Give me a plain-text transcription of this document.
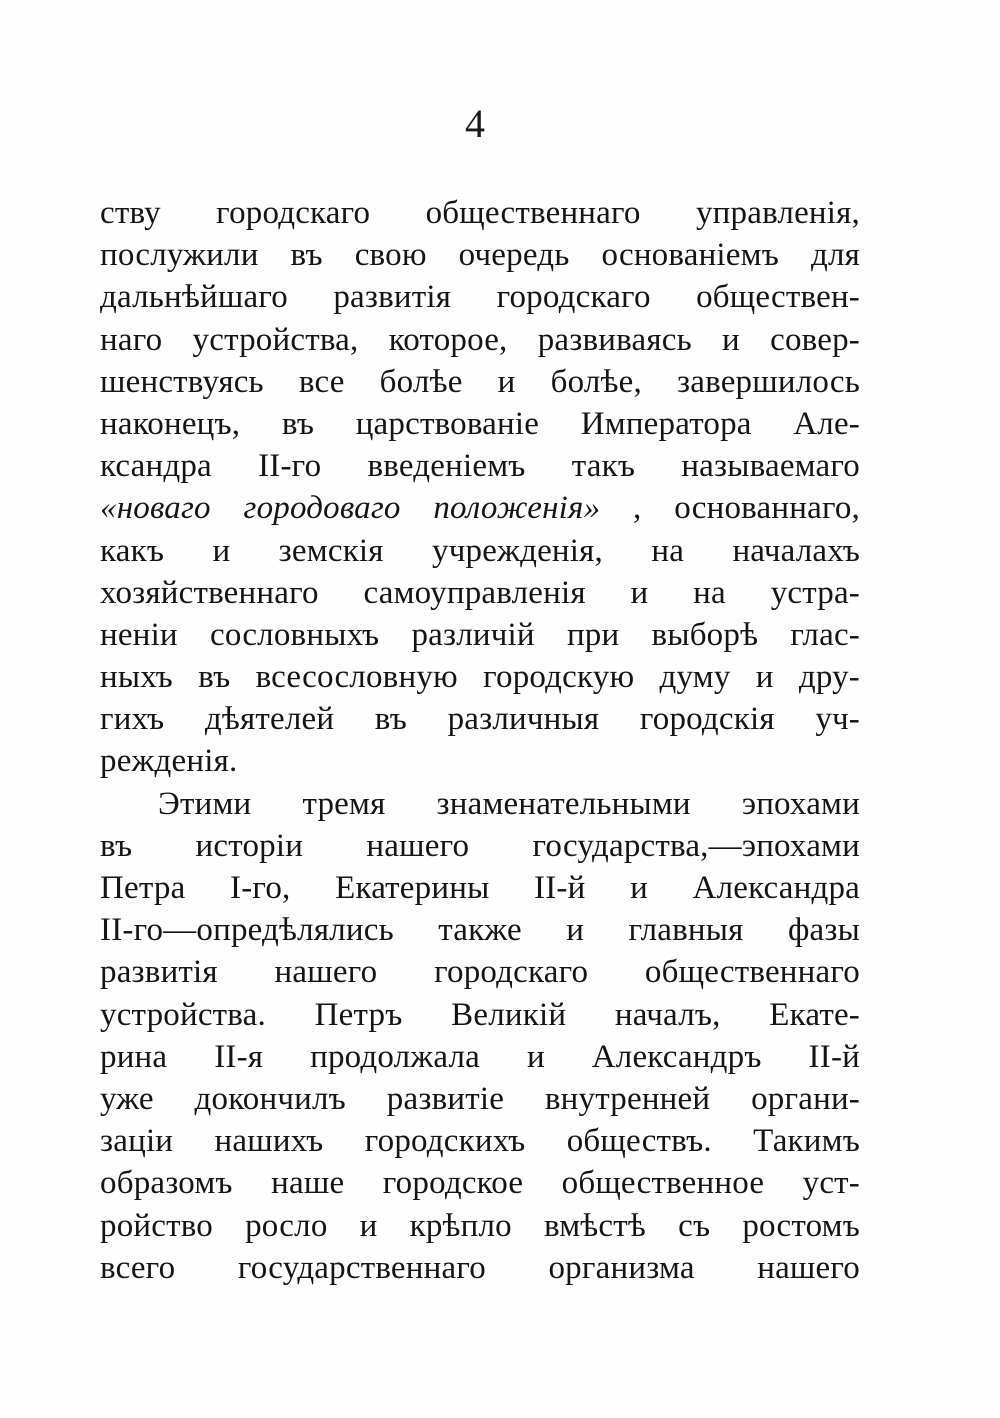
4
ству городскаго общественнаго управленія,
послужили въ свою очередь основаніемъ для
дальнѣйшаго развитія городскаго обществен-
наго устройства, которое, развиваясь и совер-
шенствуясь все болѣе и болѣе, завершилось
наконецъ, въ царствованіе Императора Але-
ксандра II-го введеніемъ такъ называемаго
«новаго городоваго положенія» , основаннаго,
какъ и земскія учрежденія, на началахъ
хозяйственнаго самоуправленія и на устра-
неніи сословныхъ различій при выборѣ глас-
ныхъ въ всесословную городскую думу и дру-
гихъ дѣятелей въ различныя городскія уч-
режденія.
Этими тремя знаменательными эпохами
въ исторіи нашего государства,—эпохами
Петра I-го, Екатерины II-й и Александра
II-го—опредѣлялись также и главныя фазы
развитія нашего городскаго общественнаго
устройства. Петръ Великій началъ, Екате-
рина II-я продолжала и Александръ II-й
уже докончилъ развитіе внутренней органи-
заціи нашихъ городскихъ обществъ. Такимъ
образомъ наше городское общественное уст-
ройство росло и крѣпло вмѣстѣ съ ростомъ
всего государственнаго организма нашего
